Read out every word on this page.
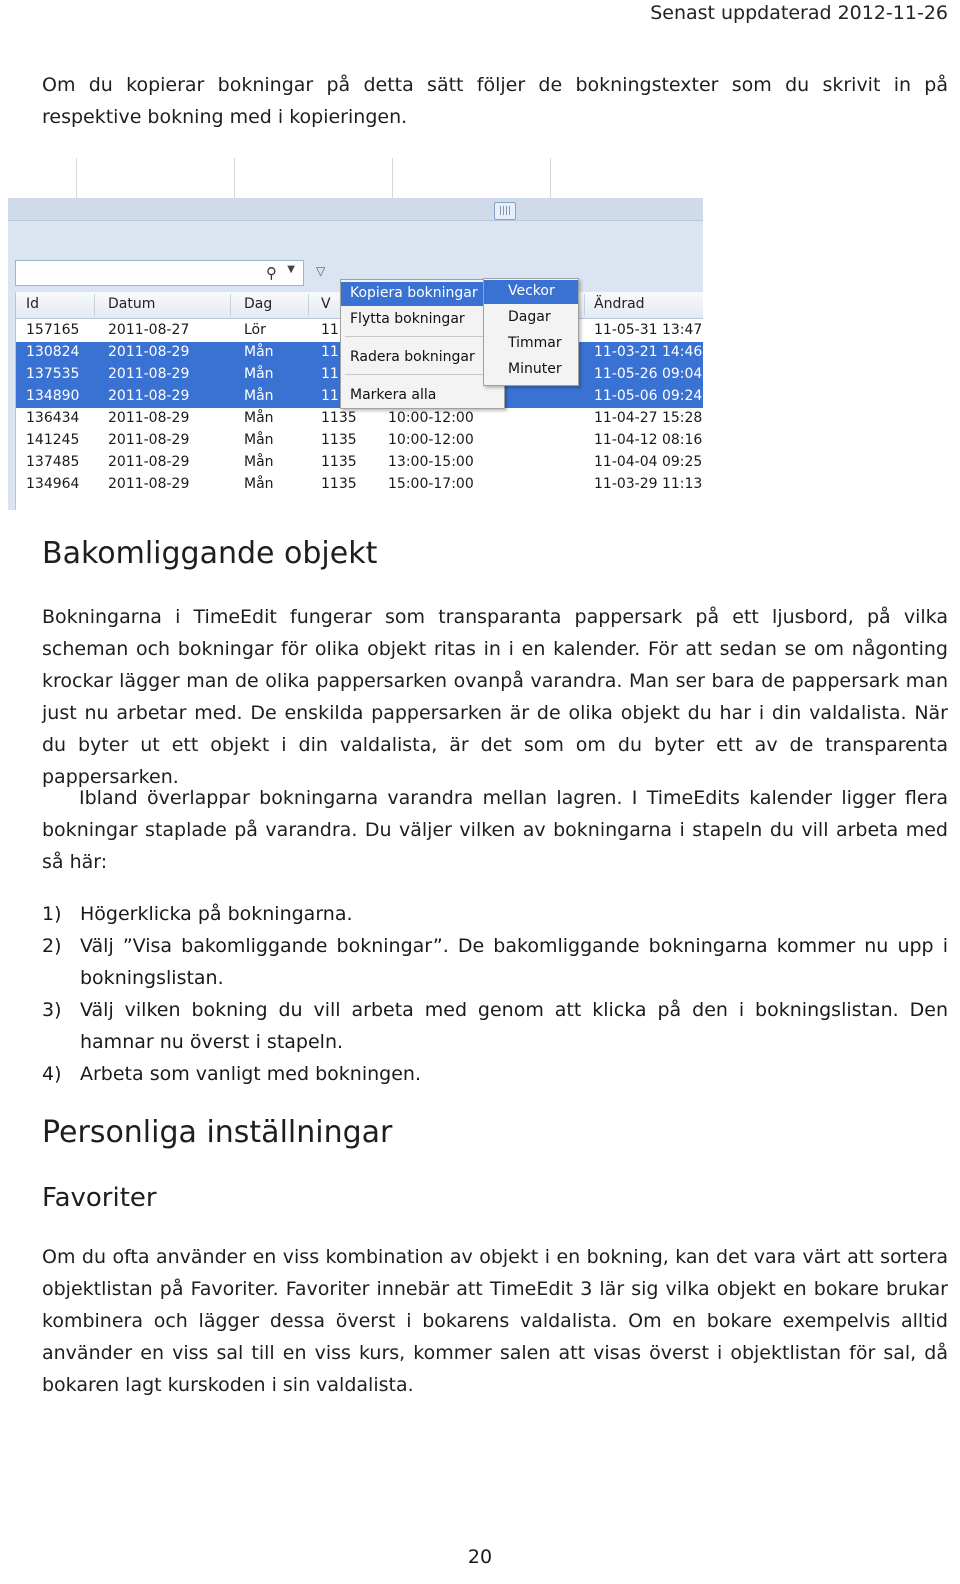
Senast uppdaterad 2012-11-26
Om du kopierar bokningar på detta sätt följer de bokningstexter som du skrivit in på respektive bokning med i kopieringen.
⚲ ▼ ▽
Id	Datum	Dag	V	Ändrad
157165 2011-08-27	Lör	11	11-05-31 13:47
130824 2011-08-29	Mån	11	11-03-21 14:46
137535 2011-08-29	Mån	11	11-05-26 09:04
134890 2011-08-29	Mån	11	11-05-06 09:24
136434 2011-08-29	Mån	1135 10:00-12:00	11-04-27 15:28
141245 2011-08-29	Mån	1135 10:00-12:00	11-04-12 08:16
137485 2011-08-29	Mån	1135 13:00-15:00	11-04-04 09:25
134964 2011-08-29	Mån	1135 15:00-17:00	11-03-29 11:13
Kopiera bokningar
Flytta bokningar
Radera bokningar
Markera alla
Veckor
Dagar
Timmar
Minuter
Bakomliggande objekt
Bokningarna i TimeEdit fungerar som transparanta pappersark på ett ljusbord, på vilka scheman och bokningar för olika objekt ritas in i en kalender. För att sedan se om någonting krockar lägger man de olika pappersarken ovanpå varandra. Man ser bara de pappersark man just nu arbetar med. De enskilda pappersarken är de olika objekt du har i din valdalista. När du byter ut ett objekt i din valdalista, är det som om du byter ett av de transparenta pappersarken.
Ibland överlappar bokningarna varandra mellan lagren. I TimeEdits kalender ligger flera bokningar staplade på varandra. Du väljer vilken av bokningarna i stapeln du vill arbeta med så här:
1) Högerklicka på bokningarna.
2) Välj ”Visa bakomliggande bokningar”. De bakomliggande bokningarna kommer nu upp i bokningslistan.
3) Välj vilken bokning du vill arbeta med genom att klicka på den i bokningslistan. Den hamnar nu överst i stapeln.
4) Arbeta som vanligt med bokningen.
Personliga inställningar
Favoriter
Om du ofta använder en viss kombination av objekt i en bokning, kan det vara värt att sortera objektlistan på Favoriter. Favoriter innebär att TimeEdit 3 lär sig vilka objekt en bokare brukar kombinera och lägger dessa överst i bokarens valdalista. Om en bokare exempelvis alltid använder en viss sal till en viss kurs, kommer salen att visas överst i objektlistan för sal, då bokaren lagt kurskoden i sin valdalista.
20
